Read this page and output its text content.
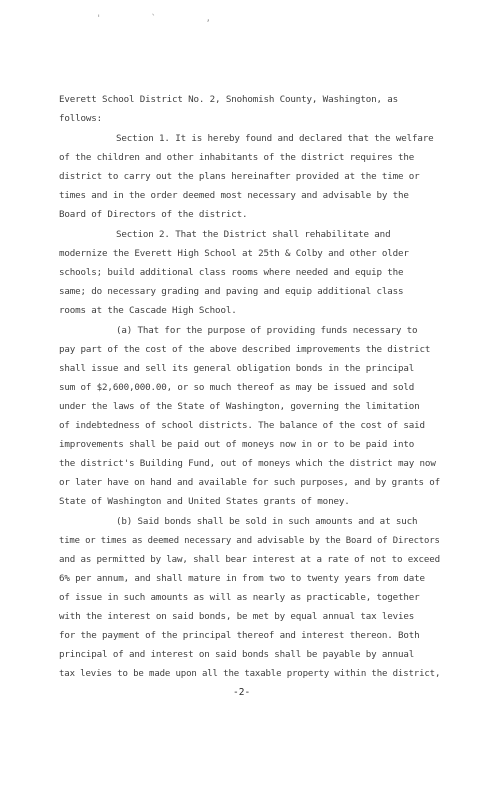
' ` ‚
Everett School District No. 2, Snohomish County, Washington, as
follows:
Section 1. It is hereby found and declared that the welfare
of the children and other inhabitants of the district requires the
district to carry out the plans hereinafter provided at the time or
times and in the order deemed most necessary and advisable by the
Board of Directors of the district.
Section 2. That the District shall rehabilitate and
modernize the Everett High School at 25th & Colby and other older
schools; build additional class rooms where needed and equip the
same; do necessary grading and paving and equip additional class
rooms at the Cascade High School.
(a) That for the purpose of providing funds necessary to
pay part of the cost of the above described improvements the district
shall issue and sell its general obligation bonds in the principal
sum of $2,600,000.00, or so much thereof as may be issued and sold
under the laws of the State of Washington, governing the limitation
of indebtedness of school districts. The balance of the cost of said
improvements shall be paid out of moneys now in or to be paid into
the district's Building Fund, out of moneys which the district may now
or later have on hand and available for such purposes, and by grants of
State of Washington and United States grants of money.
(b) Said bonds shall be sold in such amounts and at such
time or times as deemed necessary and advisable by the Board of Directors
and as permitted by law, shall bear interest at a rate of not to exceed
6% per annum, and shall mature in from two to twenty years from date
of issue in such amounts as will as nearly as practicable, together
with the interest on said bonds, be met by equal annual tax levies
for the payment of the principal thereof and interest thereon. Both
principal of and interest on said bonds shall be payable by annual
tax levies to be made upon all the taxable property within the district,
-2-
